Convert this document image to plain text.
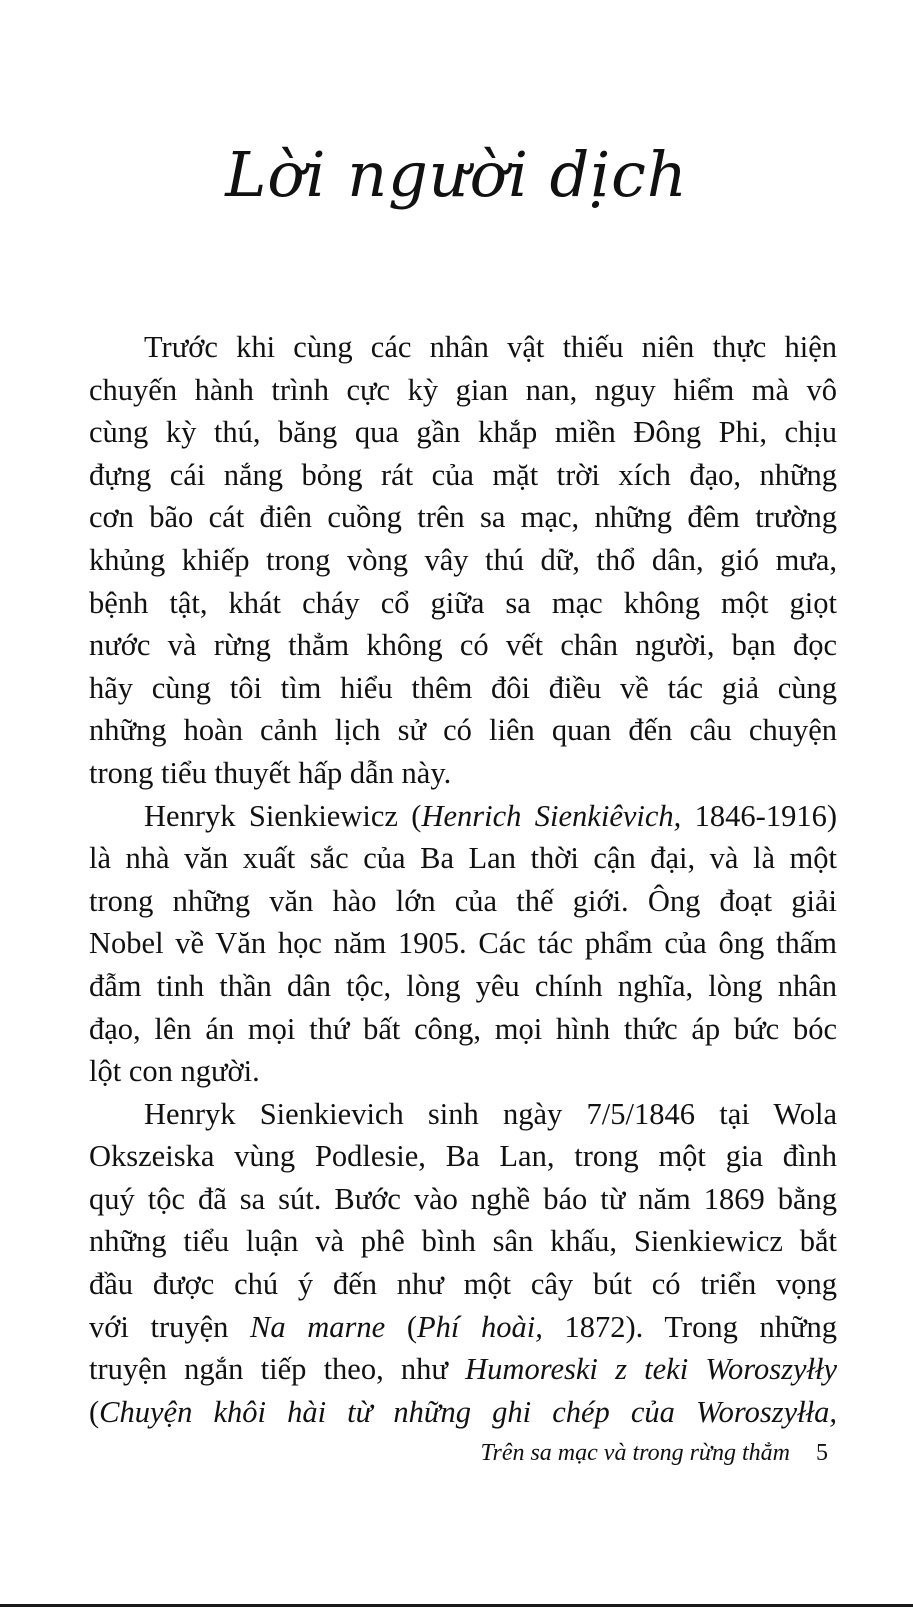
Lời người dịch
Trước khi cùng các nhân vật thiếu niên thực hiện
chuyến hành trình cực kỳ gian nan, nguy hiểm mà vô
cùng kỳ thú, băng qua gần khắp miền Đông Phi, chịu
đựng cái nắng bỏng rát của mặt trời xích đạo, những
cơn bão cát điên cuồng trên sa mạc, những đêm trường
khủng khiếp trong vòng vây thú dữ, thổ dân, gió mưa,
bệnh tật, khát cháy cổ giữa sa mạc không một giọt
nước và rừng thẳm không có vết chân người, bạn đọc
hãy cùng tôi tìm hiểu thêm đôi điều về tác giả cùng
những hoàn cảnh lịch sử có liên quan đến câu chuyện
trong tiểu thuyết hấp dẫn này.
Henryk Sienkiewicz (Henrich Sienkiêvich, 1846-1916)
là nhà văn xuất sắc của Ba Lan thời cận đại, và là một
trong những văn hào lớn của thế giới. Ông đoạt giải
Nobel về Văn học năm 1905. Các tác phẩm của ông thấm
đẫm tinh thần dân tộc, lòng yêu chính nghĩa, lòng nhân
đạo, lên án mọi thứ bất công, mọi hình thức áp bức bóc
lột con người.
Henryk Sienkievich sinh ngày 7/5/1846 tại Wola
Okszeiska vùng Podlesie, Ba Lan, trong một gia đình
quý tộc đã sa sút. Bước vào nghề báo từ năm 1869 bằng
những tiểu luận và phê bình sân khấu, Sienkiewicz bắt
đầu được chú ý đến như một cây bút có triển vọng
với truyện Na marne (Phí hoài, 1872). Trong những
truyện ngắn tiếp theo, như Humoreski z teki Woroszyłły
(Chuyện khôi hài từ những ghi chép của Woroszyłła,
Trên sa mạc và trong rừng thẳm 5
